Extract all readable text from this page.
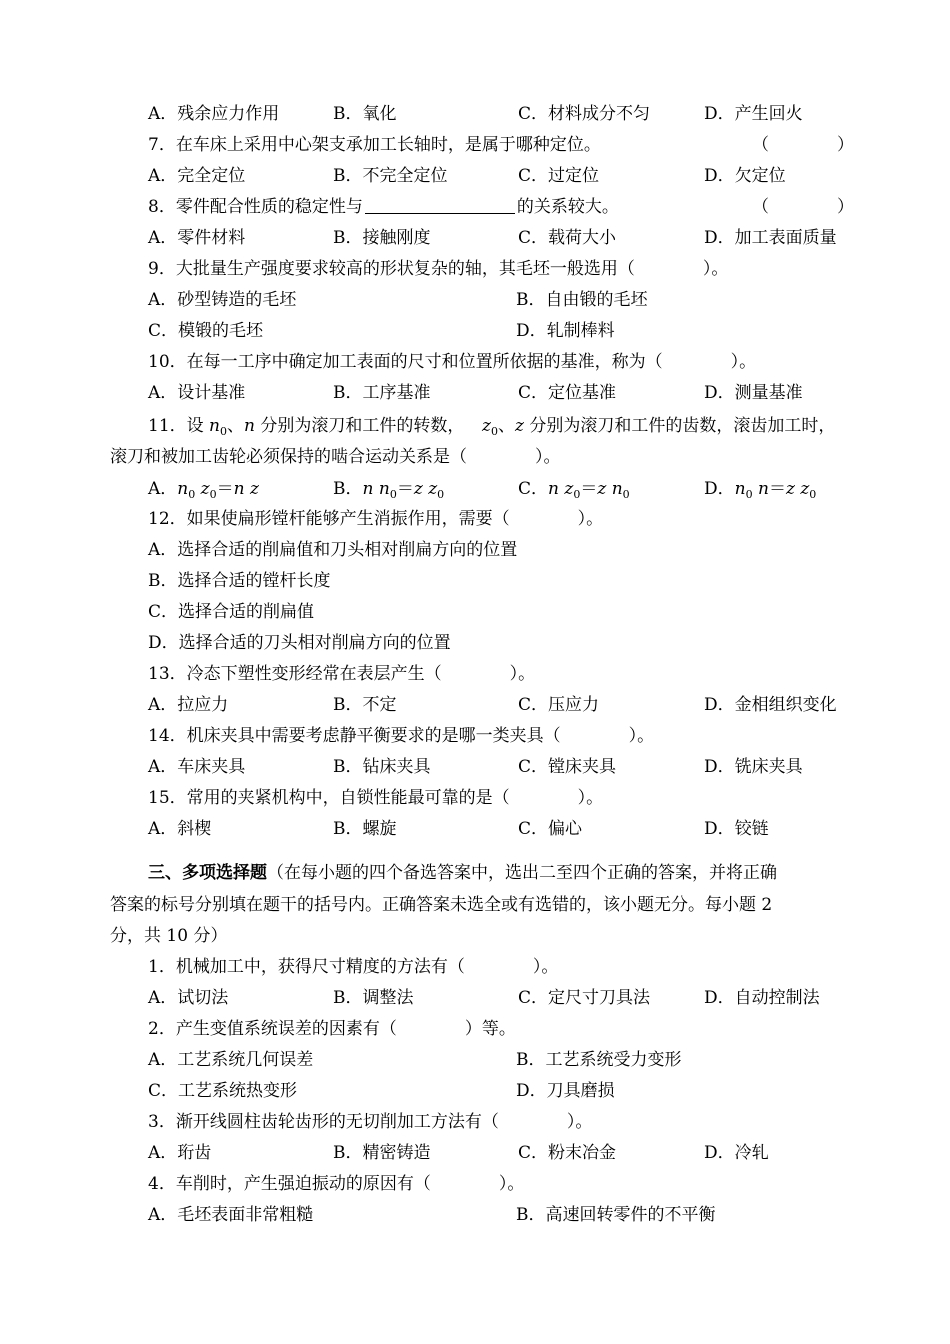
A．残余应力作用	B．氧化	C．材料成分不匀	D．产生回火
7．在车床上采用中心架支承加工长轴时，是属于哪种定位。	（　　　　）
A．完全定位	B．不完全定位	C．过定位	D．欠定位
8．零件配合性质的稳定性与	的关系较大。	（　　　　）
A．零件材料	B．接触刚度	C．载荷大小	D．加工表面质量
9．大批量生产强度要求较高的形状复杂的轴，其毛坯一般选用（　　　　）。
A．砂型铸造的毛坯	B．自由锻的毛坯
C．模锻的毛坯	D．轧制棒料
10．在每一工序中确定加工表面的尺寸和位置所依据的基准，称为（　　　　）。
A．设计基准	B．工序基准	C．定位基准	D．测量基准
11．设 $n_0$、n 分别为滚刀和工件的转数， $z_0$、z 分别为滚刀和工件的齿数，滚齿加工时，
滚刀和被加工齿轮必须保持的啮合运动关系是（　　　　）。
A．$n_0$ $z_0=n$ z	B．n $n_0=z$ $z_0$	C．n $z_0=z$ $n_0$	D．$n_0$ n＝z $z_0$
12．如果使扁形镗杆能够产生消振作用，需要（　　　　）。
A．选择合适的削扁值和刀头相对削扁方向的位置
B．选择合适的镗杆长度
C．选择合适的削扁值
D．选择合适的刀头相对削扁方向的位置
13．冷态下塑性变形经常在表层产生（　　　　）。
A．拉应力	B．不定	C．压应力	D．金相组织变化
14．机床夹具中需要考虑静平衡要求的是哪一类夹具（　　　　）。
A．车床夹具	B．钻床夹具	C．镗床夹具	D．铣床夹具
15．常用的夹紧机构中，自锁性能最可靠的是（　　　　）。
A．斜楔	B．螺旋	C．偏心	D．铰链
三、多项选择题（在每小题的四个备选答案中，选出二至四个正确的答案，并将正确
答案的标号分别填在题干的括号内。正确答案未选全或有选错的，该小题无分。每小题 2
分，共 10 分）
1．机械加工中，获得尺寸精度的方法有（　　　　）。
A．试切法	B．调整法	C．定尺寸刀具法	D．自动控制法
2．产生变值系统误差的因素有（　　　　）等。
A．工艺系统几何误差	B．工艺系统受力变形
C．工艺系统热变形	D．刀具磨损
3．渐开线圆柱齿轮齿形的无切削加工方法有（　　　　）。
A．珩齿	B．精密铸造	C．粉末冶金	D．冷轧
4．车削时，产生强迫振动的原因有（　　　　）。
A．毛坯表面非常粗糙	B．高速回转零件的不平衡
